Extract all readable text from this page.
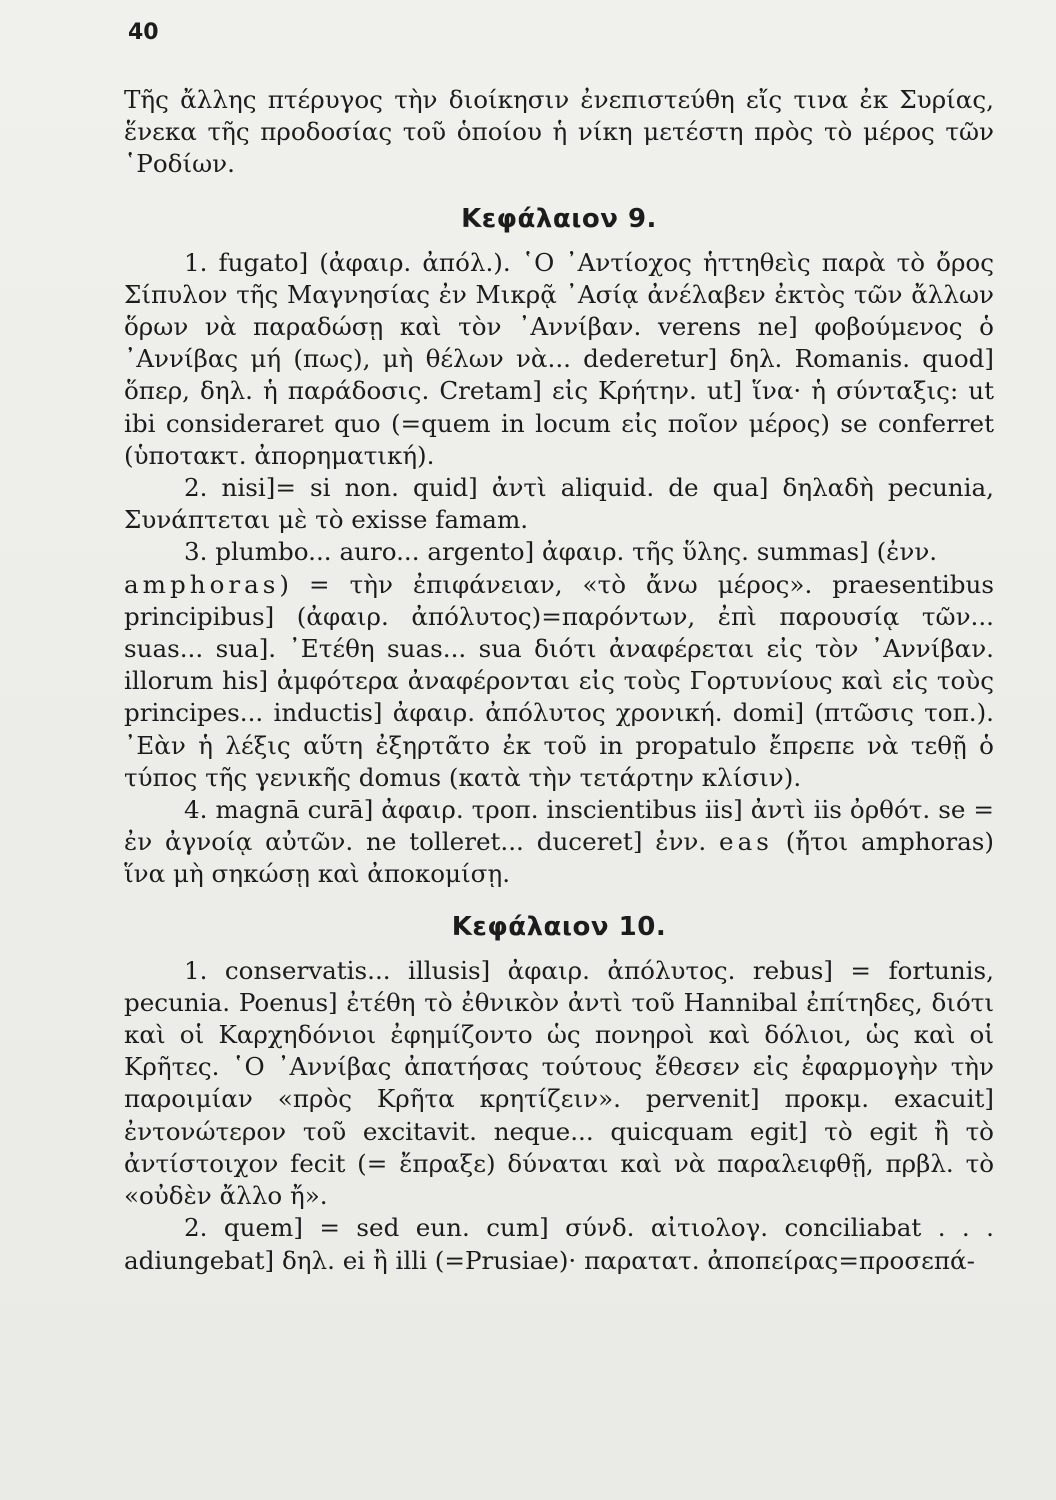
40

Τῆς ἄλλης πτέρυγος τὴν διοίκησιν ἐνεπιστεύθη εἴς τινα ἐκ Συρίας, ἕνεκα τῆς προδοσίας τοῦ ὁποίου ἡ νίκη μετέστη πρὸς τὸ μέρος τῶν ῾Ροδίων.

Κεφάλαιον 9.

1. fugato] (ἀφαιρ. ἀπόλ.). ῾Ο ᾿Αντίοχος ἡττηθεὶς παρὰ τὸ ὄρος Σίπυλον τῆς Μαγνησίας ἐν Μικρᾷ ᾿Ασίᾳ ἀνέλαβεν ἐκτὸς τῶν ἄλλων ὅρων νὰ παραδώσῃ καὶ τὸν ᾿Αννίβαν. verens ne] φοβούμενος ὁ ᾿Αννίβας μή (πως), μὴ θέλων νὰ... dederetur] δηλ. Romanis. quod] ὅπερ, δηλ. ἡ παράδοσις. Cretam] εἰς Κρήτην. ut] ἵνα· ἡ σύνταξις: ut ibi consideraret quo (=quem in locum εἰς ποῖον μέρος) se conferret (ὑποτακτ. ἀπορηματική).

2. nisi]= si non. quid] ἀντὶ aliquid. de qua] δηλαδὴ pecunia, Συνάπτεται μὲ τὸ exisse famam.

3. plumbo... auro... argento] ἀφαιρ. τῆς ὕλης. summas] (ἐνν.
amphoras) = τὴν ἐπιφάνειαν, «τὸ ἄνω μέρος». praesentibus principibus] (ἀφαιρ. ἀπόλυτος)=παρόντων, ἐπὶ παρουσίᾳ τῶν... suas... sua]. ᾿Ετέθη suas... sua διότι ἀναφέρεται εἰς τὸν ᾿Αννίβαν. illorum his] ἀμφότερα ἀναφέρονται εἰς τοὺς Γορτυνίους καὶ εἰς τοὺς principes... inductis] ἀφαιρ. ἀπόλυτος χρονική. domi] (πτῶσις τοπ.). ᾿Εὰν ἡ λέξις αὕτη ἐξηρτᾶτο ἐκ τοῦ in propatulo ἔπρεπε νὰ τεθῇ ὁ τύπος τῆς γενικῆς domus (κατὰ τὴν τετάρτην κλίσιν).

4. magnā curā] ἀφαιρ. τροπ. inscientibus iis] ἀντὶ iis ὀρθότ. se = ἐν ἀγνοίᾳ αὐτῶν. ne tolleret... duceret] ἐνν. eas (ἤτοι amphoras) ἵνα μὴ σηκώσῃ καὶ ἀποκομίσῃ.

Κεφάλαιον 10.

1. conservatis... illusis] ἀφαιρ. ἀπόλυτος. rebus] = fortunis, pecunia. Poenus] ἐτέθη τὸ ἐθνικὸν ἀντὶ τοῦ Hannibal ἐπίτηδες, διότι καὶ οἱ Καρχηδόνιοι ἐφημίζοντο ὡς πονηροὶ καὶ δόλιοι, ὡς καὶ οἱ Κρῆτες. ῾Ο ᾿Αννίβας ἀπατήσας τούτους ἔθεσεν εἰς ἐφαρμογὴν τὴν παροιμίαν «πρὸς Κρῆτα κρητίζειν». pervenit] προκμ. exacuit] ἐντονώτερον τοῦ excitavit. neque... quicquam egit] τὸ egit ἢ τὸ ἀντίστοιχον fecit (= ἔπραξε) δύναται καὶ νὰ παραλειφθῇ, πρβλ. τὸ «οὐδὲν ἄλλο ἤ».

2. quem] = sed eun. cum] σύνδ. αἰτιολογ. conciliabat . . . adiungebat] δηλ. ei ἢ illi (=Prusiae)· παρατατ. ἀποπείρας=προσεπά-
